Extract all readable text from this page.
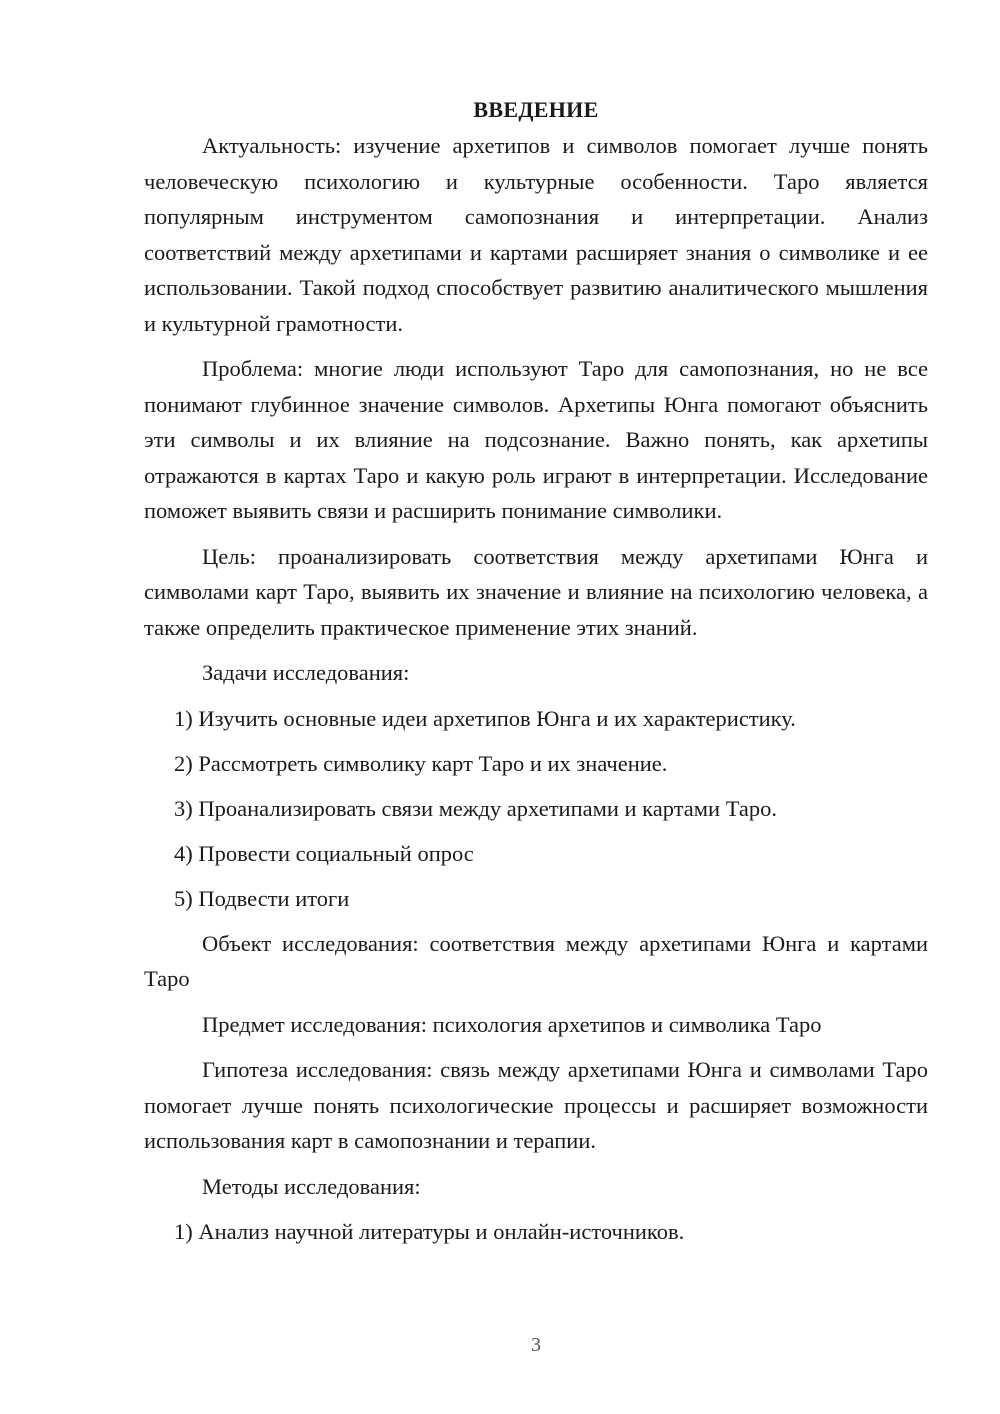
ВВЕДЕНИЕ

Актуальность: изучение архетипов и символов помогает лучше понять человеческую психологию и культурные особенности. Таро является популярным инструментом самопознания и интерпретации. Анализ соответствий между архетипами и картами расширяет знания о символике и ее использовании. Такой подход способствует развитию аналитического мышления и культурной грамотности.

Проблема: многие люди используют Таро для самопознания, но не все понимают глубинное значение символов. Архетипы Юнга помогают объяснить эти символы и их влияние на подсознание. Важно понять, как архетипы отражаются в картах Таро и какую роль играют в интерпретации. Исследование поможет выявить связи и расширить понимание символики.

Цель: проанализировать соответствия между архетипами Юнга и символами карт Таро, выявить их значение и влияние на психологию человека, а также определить практическое применение этих знаний.

Задачи исследования:

1) Изучить основные идеи архетипов Юнга и их характеристику.
2) Рассмотреть символику карт Таро и их значение.
3) Проанализировать связи между архетипами и картами Таро.
4) Провести социальный опрос
5) Подвести итоги

Объект исследования: соответствия между архетипами Юнга и картами Таро

Предмет исследования: психология архетипов и символика Таро

Гипотеза исследования: связь между архетипами Юнга и символами Таро помогает лучше понять психологические процессы и расширяет возможности использования карт в самопознании и терапии.

Методы исследования:

1) Анализ научной литературы и онлайн-источников.
3
